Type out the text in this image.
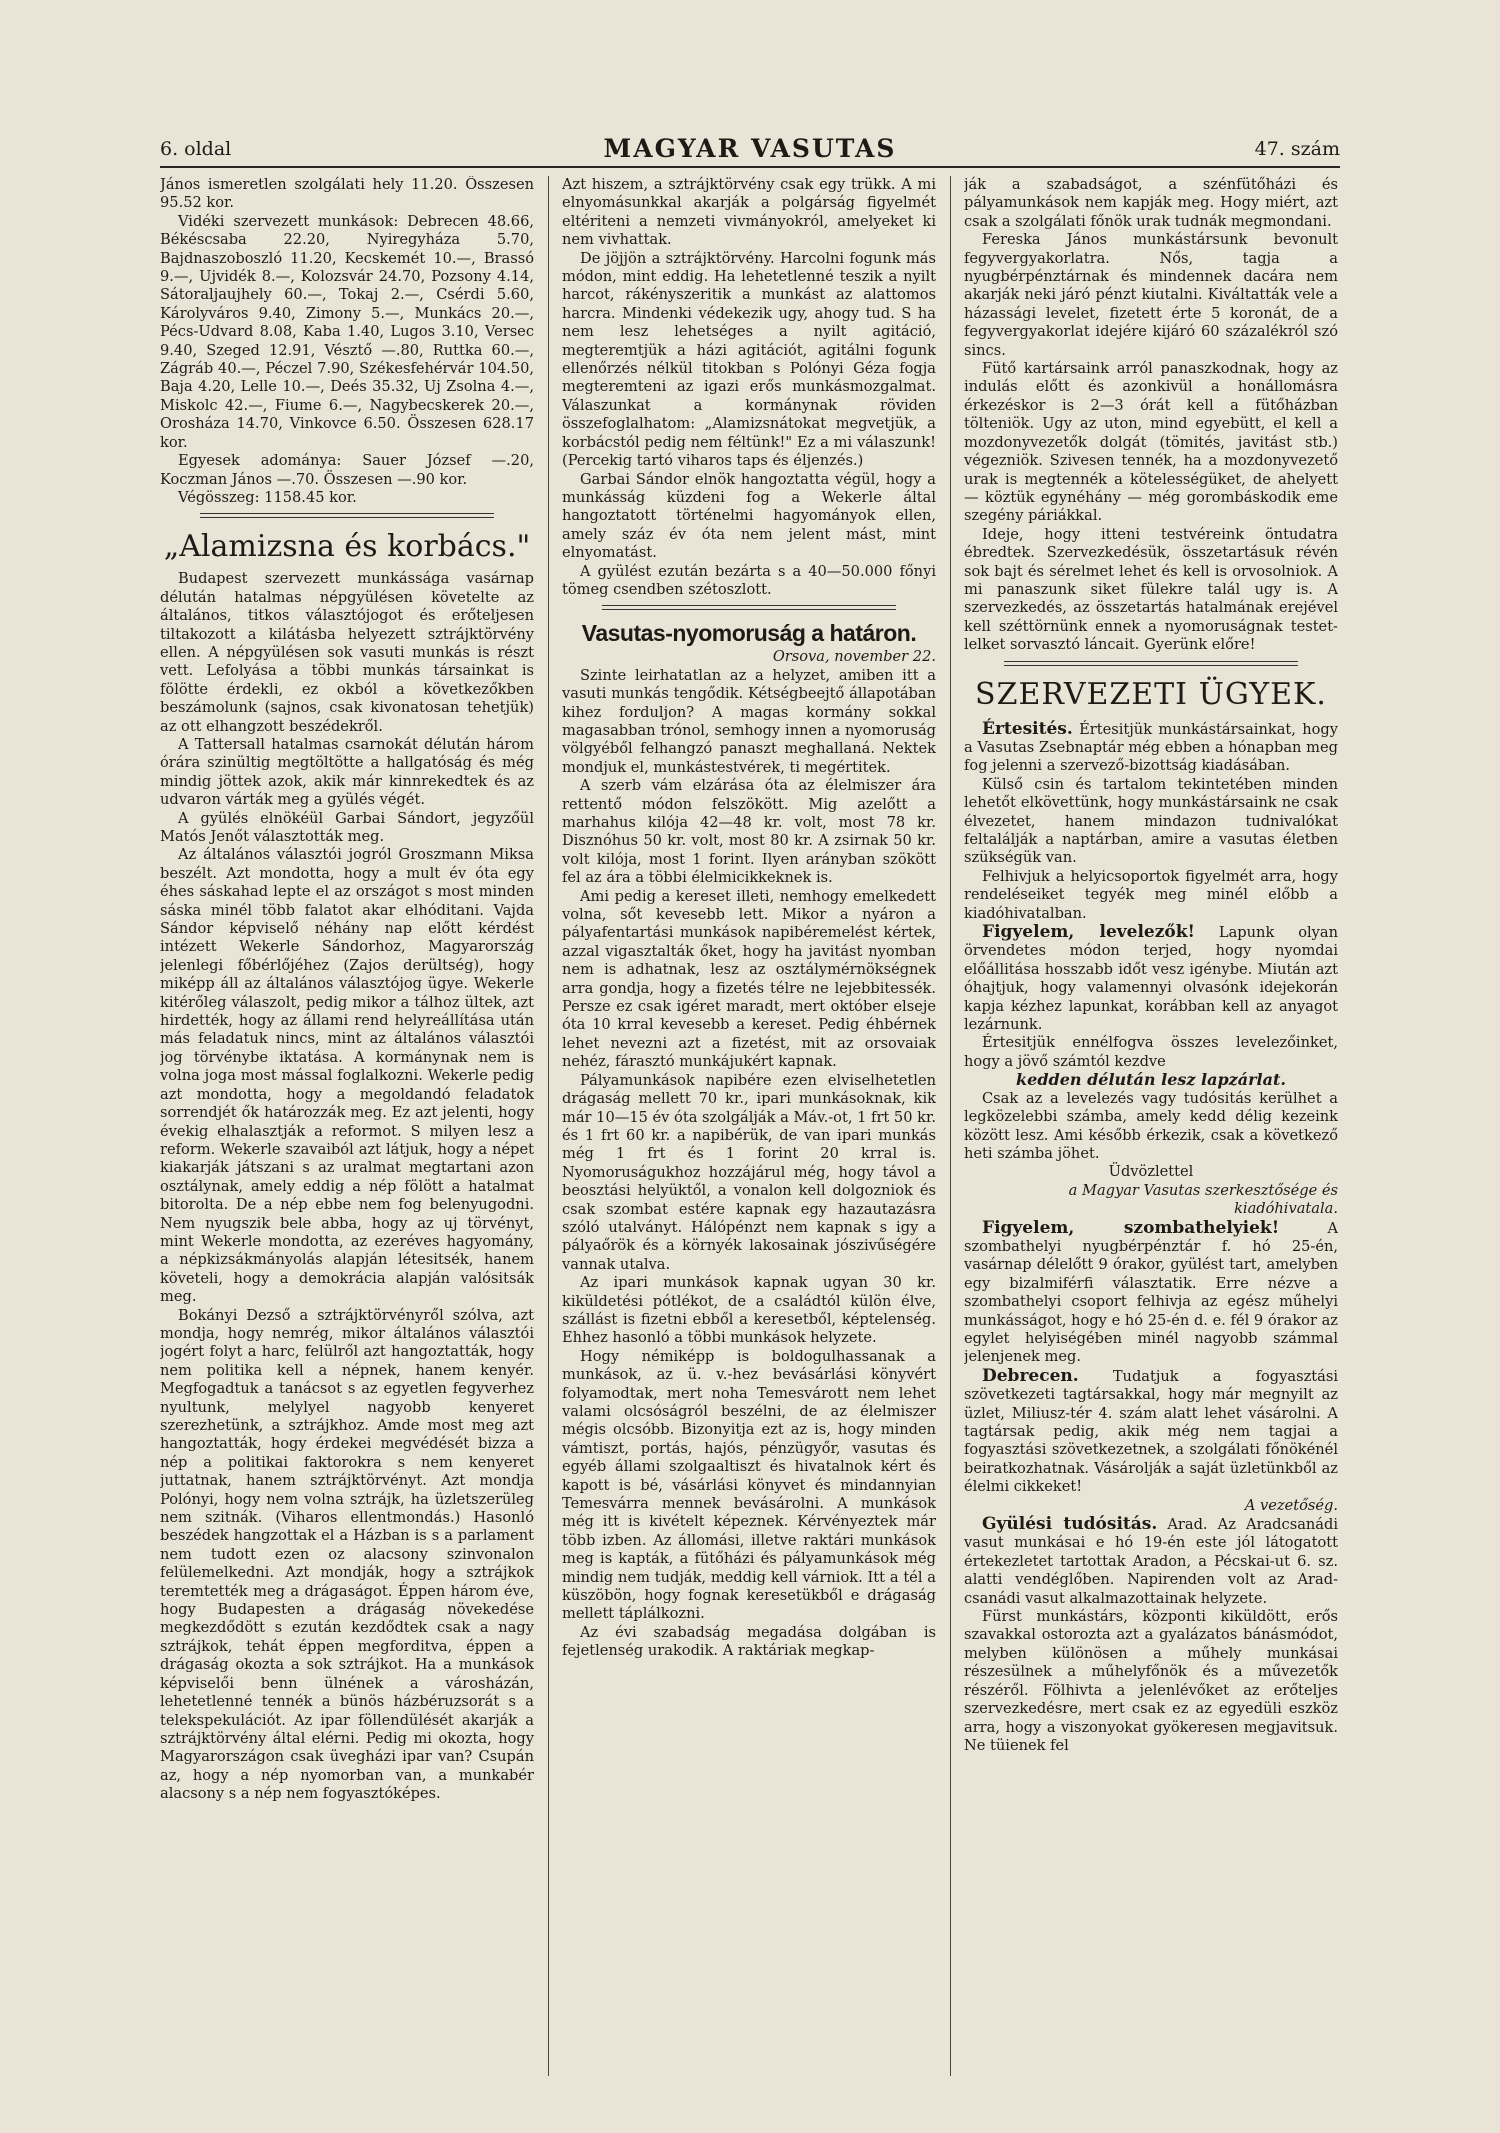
6. oldal	MAGYAR VASUTAS	47. szám

János ismeretlen szolgálati hely 11.20. Összesen 95.52 kor.

Vidéki szervezett munkások: Debrecen 48.66, Békéscsaba 22.20, Nyiregyháza 5.70, Bajdnaszoboszló 11.20, Kecskemét 10.—, Brassó 9.—, Ujvidék 8.—, Kolozsvár 24.70, Pozsony 4.14, Sátoraljaujhely 60.—, Tokaj 2.—, Csérdi 5.60, Károlyváros 9.40, Zimony 5.—, Munkács 20.—, Pécs-Udvard 8.08, Kaba 1.40, Lugos 3.10, Versec 9.40, Szeged 12.91, Vésztő —.80, Ruttka 60.—, Zágráb 40.—, Péczel 7.90, Székesfehérvár 104.50, Baja 4.20, Lelle 10.—, Deés 35.32, Uj Zsolna 4.—, Miskolc 42.—, Fiume 6.—, Nagybecskerek 20.—, Orosháza 14.70, Vinkovce 6.50. Összesen 628.17 kor.

Egyesek adománya: Sauer József —.20, Koczman János —.70. Összesen —.90 kor.

Végösszeg: 1158.45 kor.

„Alamizsna és korbács."

Budapest szervezett munkássága vasárnap délután hatalmas népgyülésen követelte az általános, titkos választójogot és erőteljesen tiltakozott a kilátásba helyezett sztrájktörvény ellen. A népgyülésen sok vasuti munkás is részt vett. Lefolyása a többi munkás társainkat is fölötte érdekli, ez okból a következőkben beszámolunk (sajnos, csak kivonatosan tehetjük) az ott elhangzott beszédekről.

A Tattersall hatalmas csarnokát délután három órára szinültig megtöltötte a hallgatóság és még mindig jöttek azok, akik már kinnrekedtek és az udvaron várták meg a gyülés végét.

A gyülés elnökéül Garbai Sándort, jegyzőül Matós Jenőt választották meg.

Az általános választói jogról Groszmann Miksa beszélt. Azt mondotta, hogy a mult év óta egy éhes sáskahad lepte el az országot s most minden sáska minél több falatot akar elhóditani. Vajda Sándor képviselő néhány nap előtt kérdést intézett Wekerle Sándorhoz, Magyarország jelenlegi főbérlőjéhez (Zajos derültség), hogy miképp áll az általános választójog ügye. Wekerle kitérőleg válaszolt, pedig mikor a tálhoz ültek, azt hirdették, hogy az állami rend helyreállítása után más feladatuk nincs, mint az általános választói jog törvénybe iktatása. A kormánynak nem is volna joga most mással foglalkozni. Wekerle pedig azt mondotta, hogy a megoldandó feladatok sorrendjét ők határozzák meg. Ez azt jelenti, hogy évekig elhalasztják a reformot. S milyen lesz a reform. Wekerle szavaiból azt látjuk, hogy a népet kiakarják játszani s az uralmat megtartani azon osztálynak, amely eddig a nép fölött a hatalmat bitorolta. De a nép ebbe nem fog belenyugodni. Nem nyugszik bele abba, hogy az uj törvényt, mint Wekerle mondotta, az ezeréves hagyomány, a népkizsákmányolás alapján létesitsék, hanem követeli, hogy a demokrácia alapján valósitsák meg.

Bokányi Dezső a sztrájktörvényről szólva, azt mondja, hogy nemrég, mikor általános választói jogért folyt a harc, felülről azt hangoztatták, hogy nem politika kell a népnek, hanem kenyér. Megfogadtuk a tanácsot s az egyetlen fegyverhez nyultunk, melylyel nagyobb kenyeret szerezhetünk, a sztrájkhoz. Amde most meg azt hangoztatták, hogy érdekei megvédését bizza a nép a politikai faktorokra s nem kenyeret juttatnak, hanem sztrájktörvényt. Azt mondja Polónyi, hogy nem volna sztrájk, ha üzletszerüleg nem szitnák. (Viharos ellentmondás.) Hasonló beszédek hangzottak el a Házban is s a parlament nem tudott ezen oz alacsony szinvonalon felülemelkedni. Azt mondják, hogy a sztrájkok teremtették meg a drágaságot. Éppen három éve, hogy Budapesten a drágaság növekedése megkezdődött s ezután kezdődtek csak a nagy sztrájkok, tehát éppen megforditva, éppen a drágaság okozta a sok sztrájkot. Ha a munkások képviselői benn ülnének a városházán, lehetetlenné tennék a bünös házbéruzsorát s a telekspekulációt. Az ipar föllendülését akarják a sztrájktörvény által elérni. Pedig mi okozta, hogy Magyarországon csak üvegházi ipar van? Csupán az, hogy a nép nyomorban van, a munkabér alacsony s a nép nem fogyasztóképes.

Azt hiszem, a sztrájktörvény csak egy trükk. A mi elnyomásunkkal akarják a polgárság figyelmét eltériteni a nemzeti vivmányokról, amelyeket ki nem vivhattak.

De jöjjön a sztrájktörvény. Harcolni fogunk más módon, mint eddig. Ha lehetetlenné teszik a nyilt harcot, rákényszeritik a munkást az alattomos harcra. Mindenki védekezik ugy, ahogy tud. S ha nem lesz lehetséges a nyilt agitáció, megteremtjük a házi agitációt, agitálni fogunk ellenőrzés nélkül titokban s Polónyi Géza fogja megteremteni az igazi erős munkásmozgalmat. Válaszunkat a kormánynak röviden összefoglalhatom: „Alamizsnátokat megvetjük, a korbácstól pedig nem féltünk!" Ez a mi válaszunk! (Percekig tartó viharos taps és éljenzés.)

Garbai Sándor elnök hangoztatta végül, hogy a munkásság küzdeni fog a Wekerle által hangoztatott történelmi hagyományok ellen, amely száz év óta nem jelent mást, mint elnyomatást.

A gyülést ezután bezárta s a 40—50.000 főnyi tömeg csendben szétoszlott.

Vasutas-nyomoruság a határon.
Orsova, november 22.

Szinte leirhatatlan az a helyzet, amiben itt a vasuti munkás tengődik. Kétségbeejtő állapotában kihez forduljon? A magas kormány sokkal magasabban trónol, semhogy innen a nyomoruság völgyéből felhangzó panaszt meghallaná. Nektek mondjuk el, munkástestvérek, ti megértitek.

A szerb vám elzárása óta az élelmiszer ára rettentő módon felszökött. Mig azelőtt a marhahus kilója 42—48 kr. volt, most 78 kr. Disznóhus 50 kr. volt, most 80 kr. A zsirnak 50 kr. volt kilója, most 1 forint. Ilyen arányban szökött fel az ára a többi élelmicikkeknek is.

Ami pedig a kereset illeti, nemhogy emelkedett volna, sőt kevesebb lett. Mikor a nyáron a pályafentartási munkások napibéremelést kértek, azzal vigasztalták őket, hogy ha javitást nyomban nem is adhatnak, lesz az osztálymérnökségnek arra gondja, hogy a fizetés télre ne lejebbitessék. Persze ez csak igéret maradt, mert október elseje óta 10 krral kevesebb a kereset. Pedig éhbérnek lehet nevezni azt a fizetést, mit az orsovaiak nehéz, fárasztó munkájukért kapnak.

Pályamunkások napibére ezen elviselhetetlen drágaság mellett 70 kr., ipari munkásoknak, kik már 10—15 év óta szolgálják a Máv.-ot, 1 frt 50 kr. és 1 frt 60 kr. a napibérük, de van ipari munkás még 1 frt és 1 forint 20 krral is. Nyomoruságukhoz hozzájárul még, hogy távol a beosztási helyüktől, a vonalon kell dolgozniok és csak szombat estére kapnak egy hazautazásra szóló utalványt. Hálópénzt nem kapnak s igy a pályaőrök és a környék lakosainak jószivűségére vannak utalva.

Az ipari munkások kapnak ugyan 30 kr. kiküldetési pótlékot, de a családtól külön élve, szállást is fizetni ebből a keresetből, képtelenség. Ehhez hasonló a többi munkások helyzete.

Hogy némiképp is boldogulhassanak a munkások, az ü. v.-hez bevásárlási könyvért folyamodtak, mert noha Temesvárott nem lehet valami olcsóságról beszélni, de az élelmiszer mégis olcsóbb. Bizonyitja ezt az is, hogy minden vámtiszt, portás, hajós, pénzügyőr, vasutas és egyéb állami szolgaaltiszt és hivatalnok kért és kapott is bé, vásárlási könyvet és mindannyian Temesvárra mennek bevásárolni. A munkások még itt is kivételt képeznek. Kérvényeztek már több izben. Az állomási, illetve raktári munkások meg is kapták, a fütőházi és pályamunkások még mindig nem tudják, meddig kell várniok. Itt a tél a küszöbön, hogy fognak keresetükből e drágaság mellett táplálkozni.

Az évi szabadság megadása dolgában is fejetlenség urakodik. A raktáriak megkap-

ják a szabadságot, a szénfütőházi és pályamunkások nem kapják meg. Hogy miért, azt csak a szolgálati főnök urak tudnák megmondani.

Fereska János munkástársunk bevonult fegyvergyakorlatra. Nős, tagja a nyugbérpénztárnak és mindennek dacára nem akarják neki járó pénzt kiutalni. Kiváltatták vele a házassági levelet, fizetett érte 5 koronát, de a fegyvergyakorlat idejére kijáró 60 százalékról szó sincs.

Fütő kartársaink arról panaszkodnak, hogy az indulás előtt és azonkivül a honállomásra érkezéskor is 2—3 órát kell a fütőházban tölteniök. Ugy az uton, mind egyebütt, el kell a mozdonyvezetők dolgát (tömités, javitást stb.) végezniök. Szivesen tennék, ha a mozdonyvezető urak is megtennék a kötelességüket, de ahelyett — köztük egynéhány — még gorombáskodik eme szegény páriákkal.

Ideje, hogy itteni testvéreink öntudatra ébredtek. Szervezkedésük, összetartásuk révén sok bajt és sérelmet lehet és kell is orvosolniok. A mi panaszunk siket fülekre talál ugy is. A szervezkedés, az összetartás hatalmának erejével kell széttörnünk ennek a nyomoruságnak testet-lelket sorvasztó láncait. Gyerünk előre!

SZERVEZETI ÜGYEK.

Értesités. Értesitjük munkástársainkat, hogy a Vasutas Zsebnaptár még ebben a hónapban meg fog jelenni a szervező-bizottság kiadásában.

Külső csin és tartalom tekintetében minden lehetőt elkövettünk, hogy munkástársaink ne csak élvezetet, hanem mindazon tudnivalókat feltalálják a naptárban, amire a vasutas életben szükségük van.

Felhivjuk a helyicsoportok figyelmét arra, hogy rendeléseiket tegyék meg minél előbb a kiadóhivatalban.

Figyelem, levelezők! Lapunk olyan örvendetes módon terjed, hogy nyomdai előállitása hosszabb időt vesz igénybe. Miután azt óhajtjuk, hogy valamennyi olvasónk idejekorán kapja kézhez lapunkat, korábban kell az anyagot lezárnunk.

Értesitjük ennélfogva összes levelezőinket, hogy a jövő számtól kezdve

kedden délután lesz lapzárlat.

Csak az a levelezés vagy tudósitás kerülhet a legközelebbi számba, amely kedd délig kezeink között lesz. Ami később érkezik, csak a következő heti számba jöhet.

Üdvözlettel
a Magyar Vasutas szerkesztősége és kiadóhivatala.

Figyelem, szombathelyiek!	A szombathelyi nyugbérpénztár f. hó 25-én, vasárnap délelőtt 9 órakor, gyülést tart, amelyben egy bizalmiférfi választatik. Erre nézve a szombathelyi csoport felhivja az egész műhelyi munkásságot, hogy e hó 25-én d. e. fél 9 órakor az egylet helyiségében minél nagyobb számmal jelenjenek meg.

Debrecen. Tudatjuk a fogyasztási szövetkezeti tagtársakkal, hogy már megnyilt az üzlet, Miliusz-tér 4. szám alatt lehet vásárolni. A tagtársak pedig, akik még nem tagjai a fogyasztási szövetkezetnek, a szolgálati főnökénél beiratkozhatnak. Vásárolják a saját üzletünkből az élelmi cikkeket!

A vezetőség.

Gyülési tudósitás. Arad. Az Aradcsanádi vasut munkásai e hó 19-én este jól látogatott értekezletet tartottak Aradon, a Pécskai-ut 6. sz. alatti vendéglőben. Napirenden volt az Arad-csanádi vasut alkalmazottainak helyzete.

Fürst munkástárs, központi kiküldött, erős szavakkal ostorozta azt a gyalázatos bánásmódot, melyben különösen a műhely munkásai részesülnek a műhelyfőnök és a művezetők részéről. Fölhivta a jelenlévőket az erőteljes szervezkedésre, mert csak ez az egyedüli eszköz arra, hogy a viszonyokat gyökeresen megjavitsuk. Ne tüienek fel
